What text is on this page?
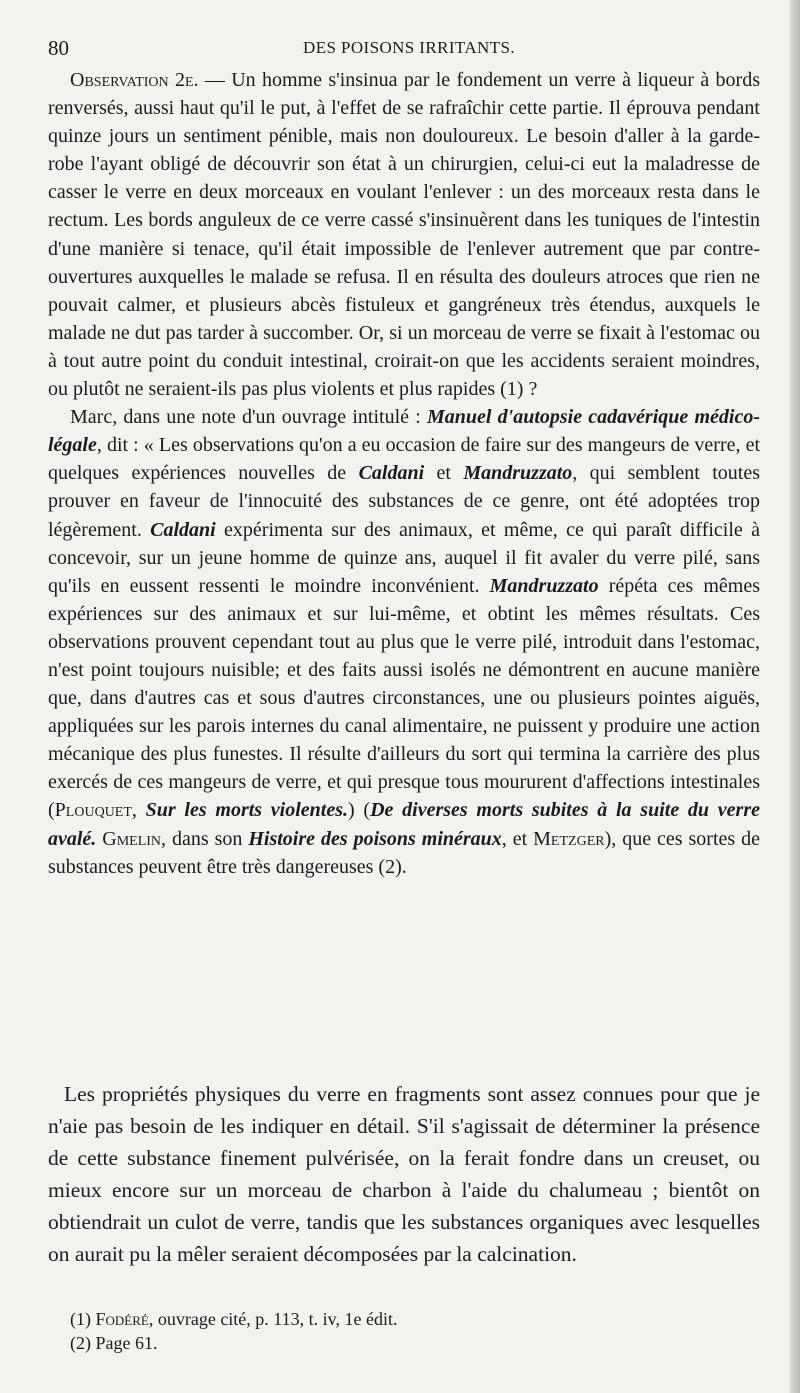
80	DES POISONS IRRITANTS.

Observation 2e. — Un homme s'insinua par le fondement un verre à liqueur à bords renversés, aussi haut qu'il le put, à l'effet de se rafraîchir cette partie. Il éprouva pendant quinze jours un sentiment pénible, mais non douloureux. Le besoin d'aller à la garde-robe l'ayant obligé de découvrir son état à un chirurgien, celui-ci eut la maladresse de casser le verre en deux morceaux en voulant l'enlever : un des morceaux resta dans le rectum. Les bords anguleux de ce verre cassé s'insinuèrent dans les tuniques de l'intestin d'une manière si tenace, qu'il était impossible de l'enlever autrement que par contre-ouvertures auxquelles le malade se refusa. Il en résulta des douleurs atroces que rien ne pouvait calmer, et plusieurs abcès fistuleux et gangréneux très étendus, auxquels le malade ne dut pas tarder à succomber. Or, si un morceau de verre se fixait à l'estomac ou à tout autre point du conduit intestinal, croirait-on que les accidents seraient moindres, ou plutôt ne seraient-ils pas plus violents et plus rapides (1) ?

Marc, dans une note d'un ouvrage intitulé : Manuel d'autopsie cadavérique médico-légale, dit : « Les observations qu'on a eu occasion de faire sur des mangeurs de verre, et quelques expériences nouvelles de Caldani et Mandruzzato, qui semblent toutes prouver en faveur de l'innocuité des substances de ce genre, ont été adoptées trop légèrement. Caldani expérimenta sur des animaux, et même, ce qui paraît difficile à concevoir, sur un jeune homme de quinze ans, auquel il fit avaler du verre pilé, sans qu'ils en eussent ressenti le moindre inconvénient. Mandruzzato répéta ces mêmes expériences sur des animaux et sur lui-même, et obtint les mêmes résultats. Ces observations prouvent cependant tout au plus que le verre pilé, introduit dans l'estomac, n'est point toujours nuisible; et des faits aussi isolés ne démontrent en aucune manière que, dans d'autres cas et sous d'autres circonstances, une ou plusieurs pointes aiguës, appliquées sur les parois internes du canal alimentaire, ne puissent y produire une action mécanique des plus funestes. Il résulte d'ailleurs du sort qui termina la carrière des plus exercés de ces mangeurs de verre, et qui presque tous moururent d'affections intestinales (Plouquet, Sur les morts violentes.) (De diverses morts subites à la suite du verre avalé. Gmelin, dans son Histoire des poisons minéraux, et Metzger), que ces sortes de substances peuvent être très dangereuses (2).

Les propriétés physiques du verre en fragments sont assez connues pour que je n'aie pas besoin de les indiquer en détail. S'il s'agissait de déterminer la présence de cette substance finement pulvérisée, on la ferait fondre dans un creuset, ou mieux encore sur un morceau de charbon à l'aide du chalumeau ; bientôt on obtiendrait un culot de verre, tandis que les substances organiques avec lesquelles on aurait pu la mêler seraient décomposées par la calcination.

(1) Fodéré, ouvrage cité, p. 113, t. iv, 1e édit.
(2) Page 61.
